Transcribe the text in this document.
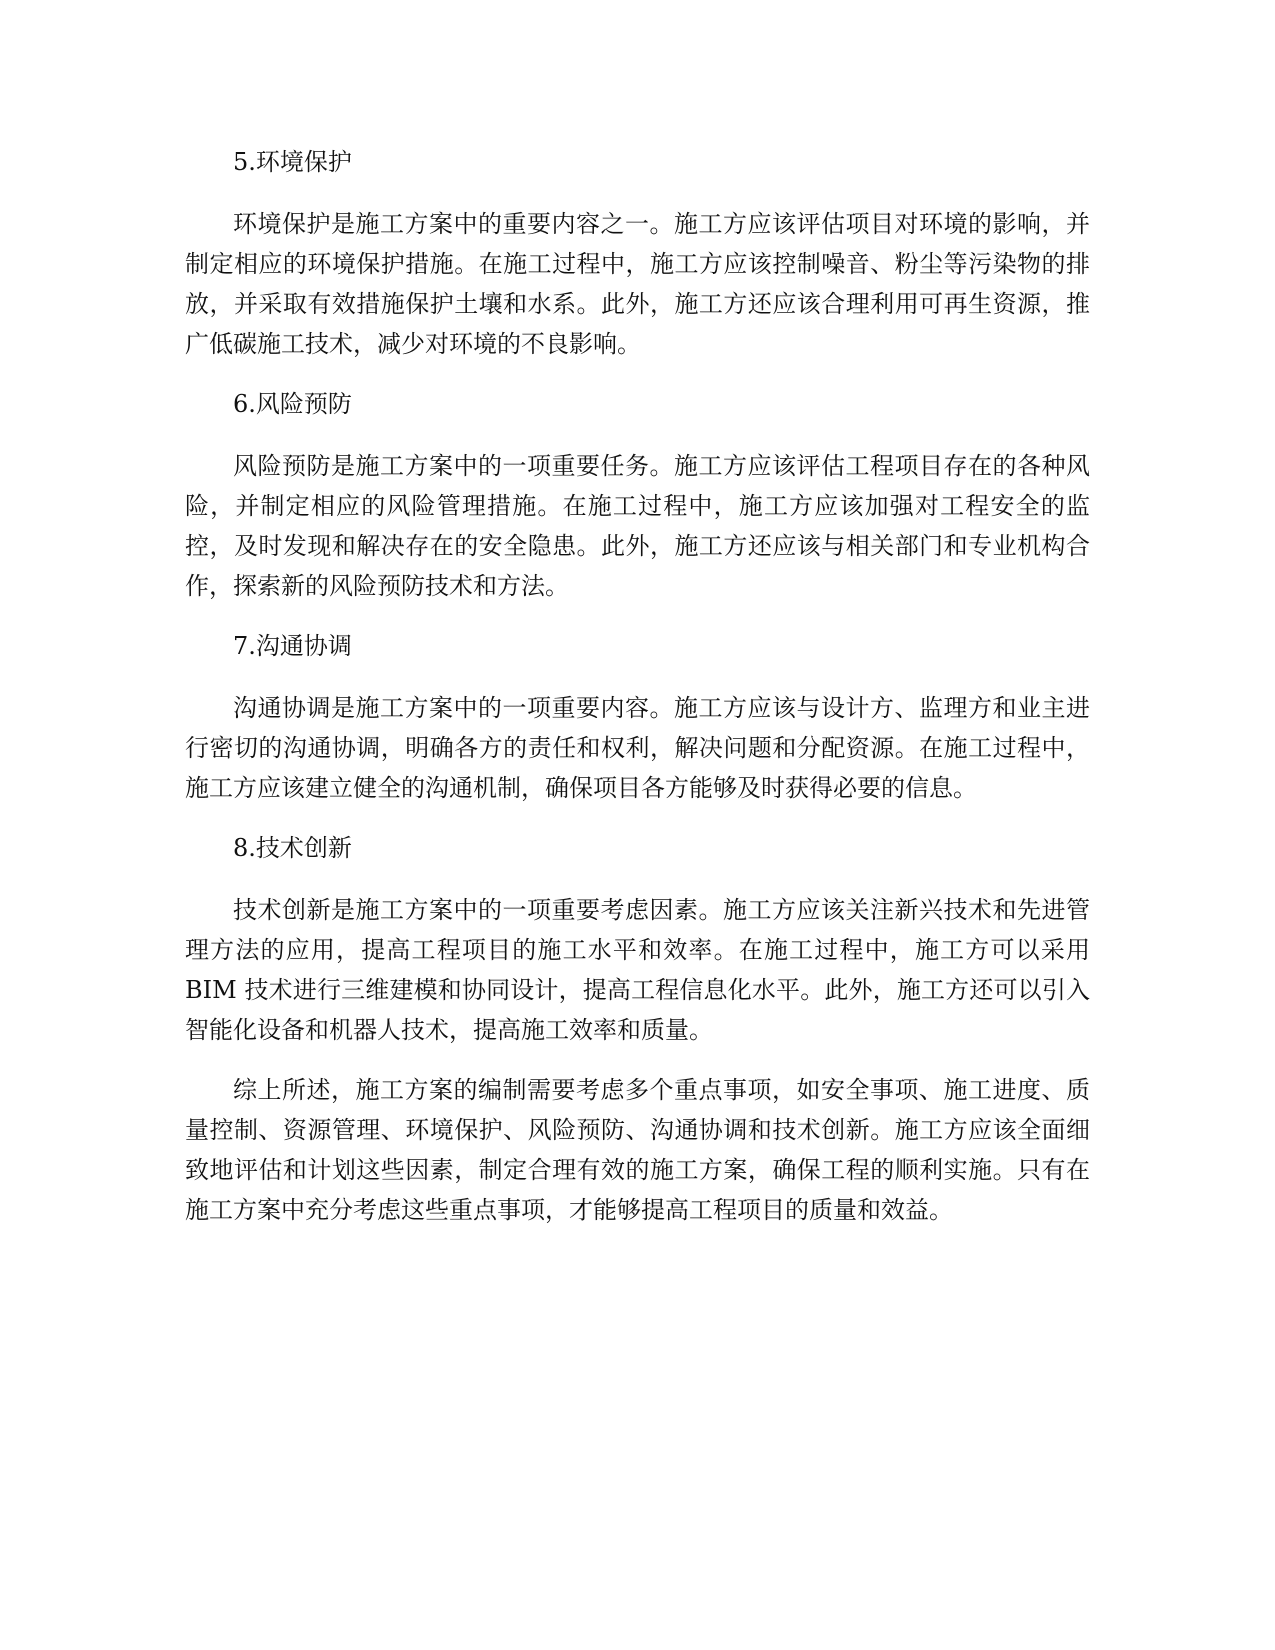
5.环境保护

环境保护是施工方案中的重要内容之一。施工方应该评估项目对环境的影响，并制定相应的环境保护措施。在施工过程中，施工方应该控制噪音、粉尘等污染物的排放，并采取有效措施保护土壤和水系。此外，施工方还应该合理利用可再生资源，推广低碳施工技术，减少对环境的不良影响。

6.风险预防

风险预防是施工方案中的一项重要任务。施工方应该评估工程项目存在的各种风险，并制定相应的风险管理措施。在施工过程中，施工方应该加强对工程安全的监控，及时发现和解决存在的安全隐患。此外，施工方还应该与相关部门和专业机构合作，探索新的风险预防技术和方法。

7.沟通协调

沟通协调是施工方案中的一项重要内容。施工方应该与设计方、监理方和业主进行密切的沟通协调，明确各方的责任和权利，解决问题和分配资源。在施工过程中，施工方应该建立健全的沟通机制，确保项目各方能够及时获得必要的信息。

8.技术创新

技术创新是施工方案中的一项重要考虑因素。施工方应该关注新兴技术和先进管理方法的应用，提高工程项目的施工水平和效率。在施工过程中，施工方可以采用 BIM 技术进行三维建模和协同设计，提高工程信息化水平。此外，施工方还可以引入智能化设备和机器人技术，提高施工效率和质量。

综上所述，施工方案的编制需要考虑多个重点事项，如安全事项、施工进度、质量控制、资源管理、环境保护、风险预防、沟通协调和技术创新。施工方应该全面细致地评估和计划这些因素，制定合理有效的施工方案，确保工程的顺利实施。只有在施工方案中充分考虑这些重点事项，才能够提高工程项目的质量和效益。
